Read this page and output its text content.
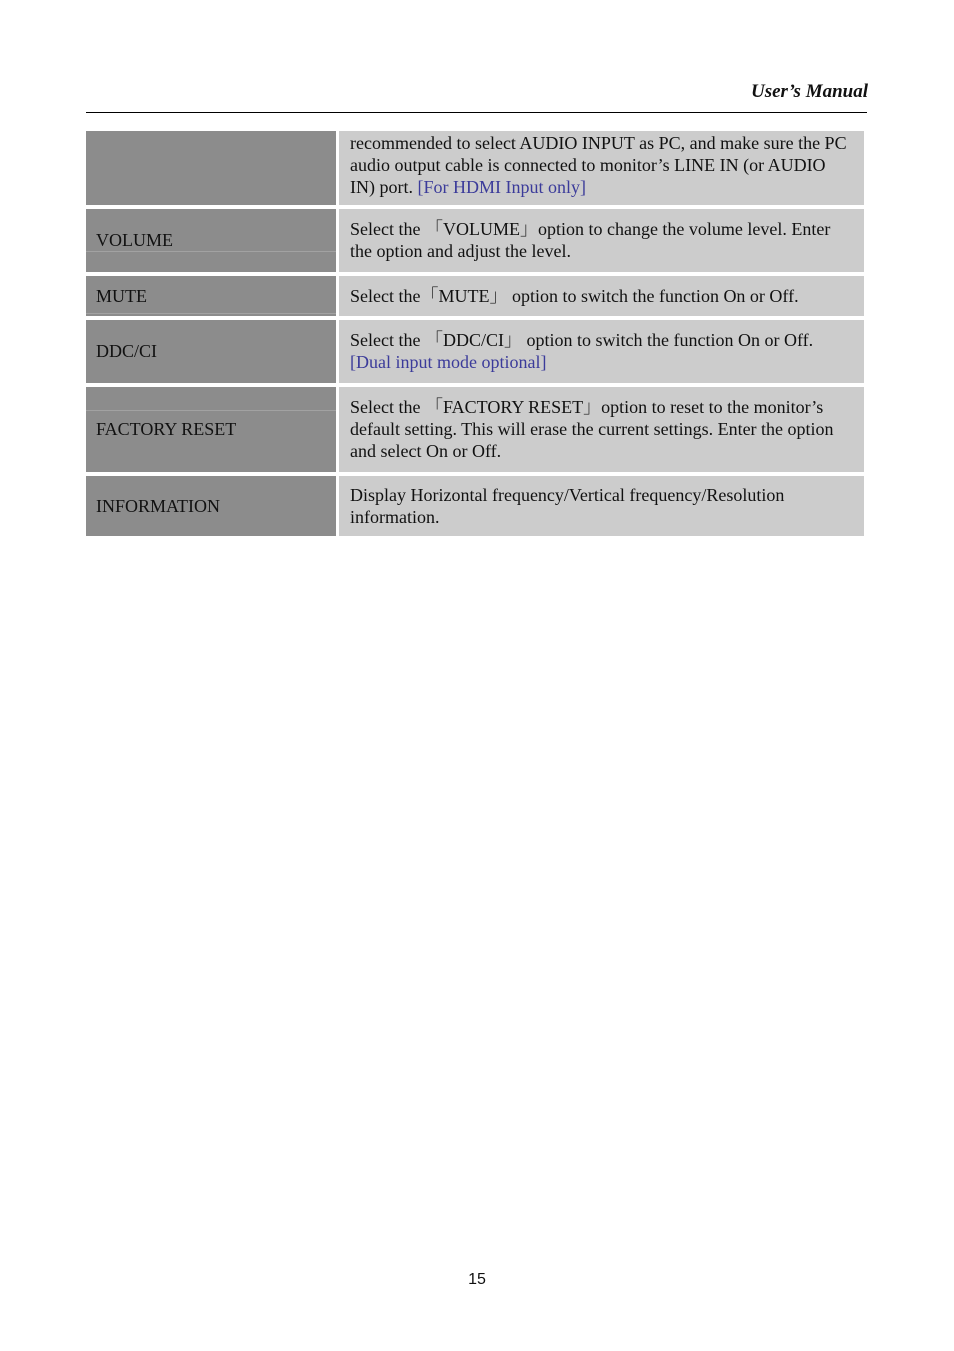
User’s Manual
recommended to select AUDIO INPUT as PC, and make sure the PC audio output cable is connected to monitor’s LINE IN (or AUDIO IN) port. [For HDMI Input only]
VOLUME
Select the 「VOLUME」option to change the volume level. Enter the option and adjust the level.
MUTE	Select the「MUTE」 option to switch the function On or Off.
DDC/CI
Select the 「DDC/CI」 option to switch the function On or Off.
[Dual input mode optional]
FACTORY RESET
Select the 「FACTORY RESET」option to reset to the monitor’s default setting. This will erase the current settings. Enter the option and select On or Off.
INFORMATION
Display Horizontal frequency/Vertical frequency/Resolution information.
15
